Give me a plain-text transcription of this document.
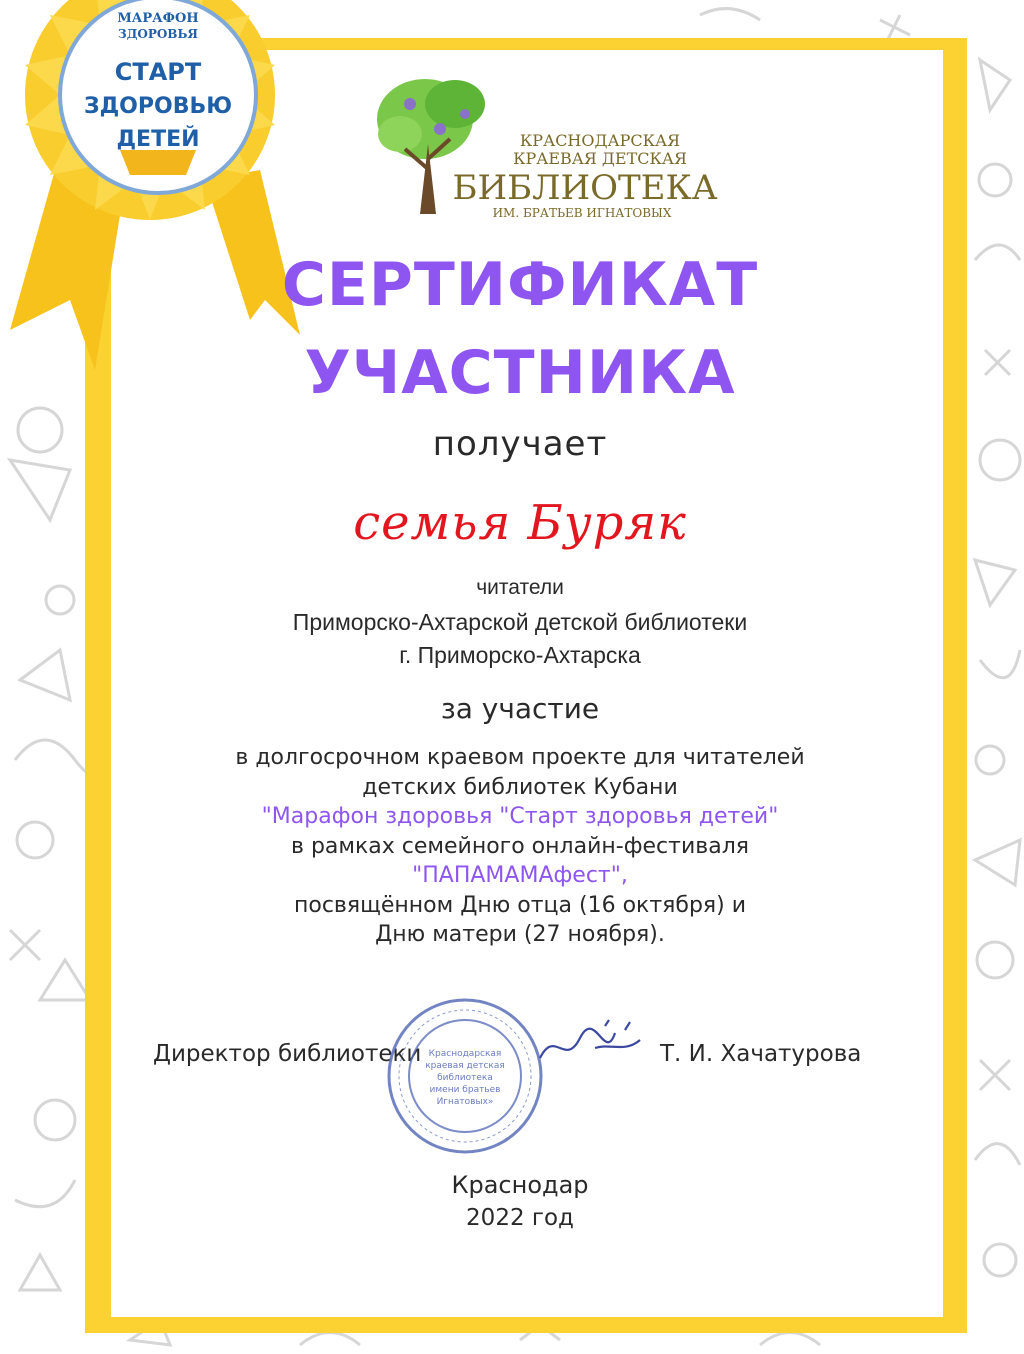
МАРАФОН
ЗДОРОВЬЯ
СТАРТ
ЗДОРОВЬЮ
ДЕТЕЙ	КРАСНОДАРСКАЯ
КРАЕВАЯ ДЕТСКАЯ
БИБЛИОТЕКА
ИМ. БРАТЬЕВ ИГНАТОВЫХ
СЕРТИФИКАТ
УЧАСТНИКА
получает
семья Буряк
читатели
Приморско-Ахтарской детской библиотеки
г. Приморско-Ахтарска
за участие
в долгосрочном краевом проекте для читателей
детских библиотек Кубани
"Марафон здоровья "Старт здоровья детей"
в рамках семейного онлайн-фестиваля
"ПАПАМАМАфест",
посвящённом Дню отца (16 октября) и
Дню матери (27 ноября).
Директор библиотеки Краснодарская
краевая детская
библиотека
имени братьев
Игнатовых»
Т. И. Хачатурова
Краснодар
2022 год
